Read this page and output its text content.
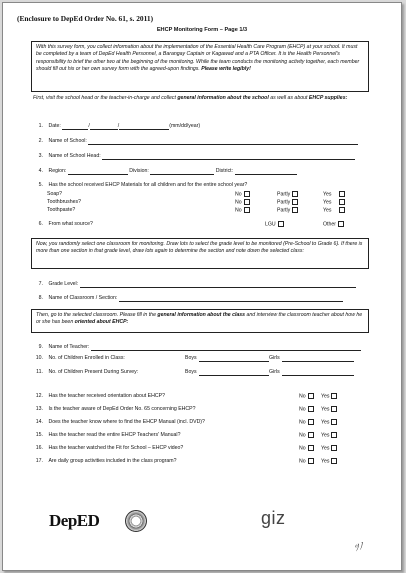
(Enclosure to DepEd Order No. 61, s. 2011)
EHCP Monitoring Form – Page 1/3
With this survey form, you collect information about the implementation of the Essential Health Care Program (EHCP) at your school. It must be completed by a team of DepEd Health Personnel, a Barangay Captain or Kagawad and a PTA Officer. It is the Health Personnel's responsibility to brief the other two at the beginning of the monitoring. While the team conducts the monitoring activity together, each member should fill out his or her own survey form with the agreed-upon findings. Please write legibly!
First, visit the school head or the teacher-in-charge and collect general information about the school as well as about EHCP supplies:
1. Date:	/	/	(mm/dd/year)
2. Name of School:
3. Name of School Head:
4. Region:	Division:	District:
5. Has the school received EHCP Materials for all children and for the entire school year?
Soap?	No	Partly	Yes
Toothbrushes?	No	Partly	Yes
Toothpaste?	No	Partly	Yes
6. From what source?	LGU	Other
Now, you randomly select one classroom for monitoring. Draw lots to select the grade level to be monitored (Pre-School to Grade 6). If there is more than one section in that grade level, draw lots again to determine the section and note down the selected class:
7. Grade Level:
8. Name of Classroom / Section:
Then, go to the selected classroom. Please fill in the general information about the class and interview the classroom teacher about how he or she has been oriented about EHCP:
9. Name of Teacher:
10. No. of Children Enrolled in Class:	Boys	Girls
11. No. of Children Present During Survey:	Boys	Girls
12. Has the teacher received orientation about EHCP?	No	Yes
13. Is the teacher aware of DepEd Order No. 65 concerning EHCP?	No	Yes
14. Does the teacher know where to find the EHCP Manual (incl. DVD)?	No	Yes
15. Has the teacher read the entire EHCP Teachers' Manual?	No	Yes
16. Has the teacher watched the Fit for School – EHCP video?	No	Yes
17. Are daily group activities included in the class program?	No	Yes
DepED	giz
ﾂﾉ
